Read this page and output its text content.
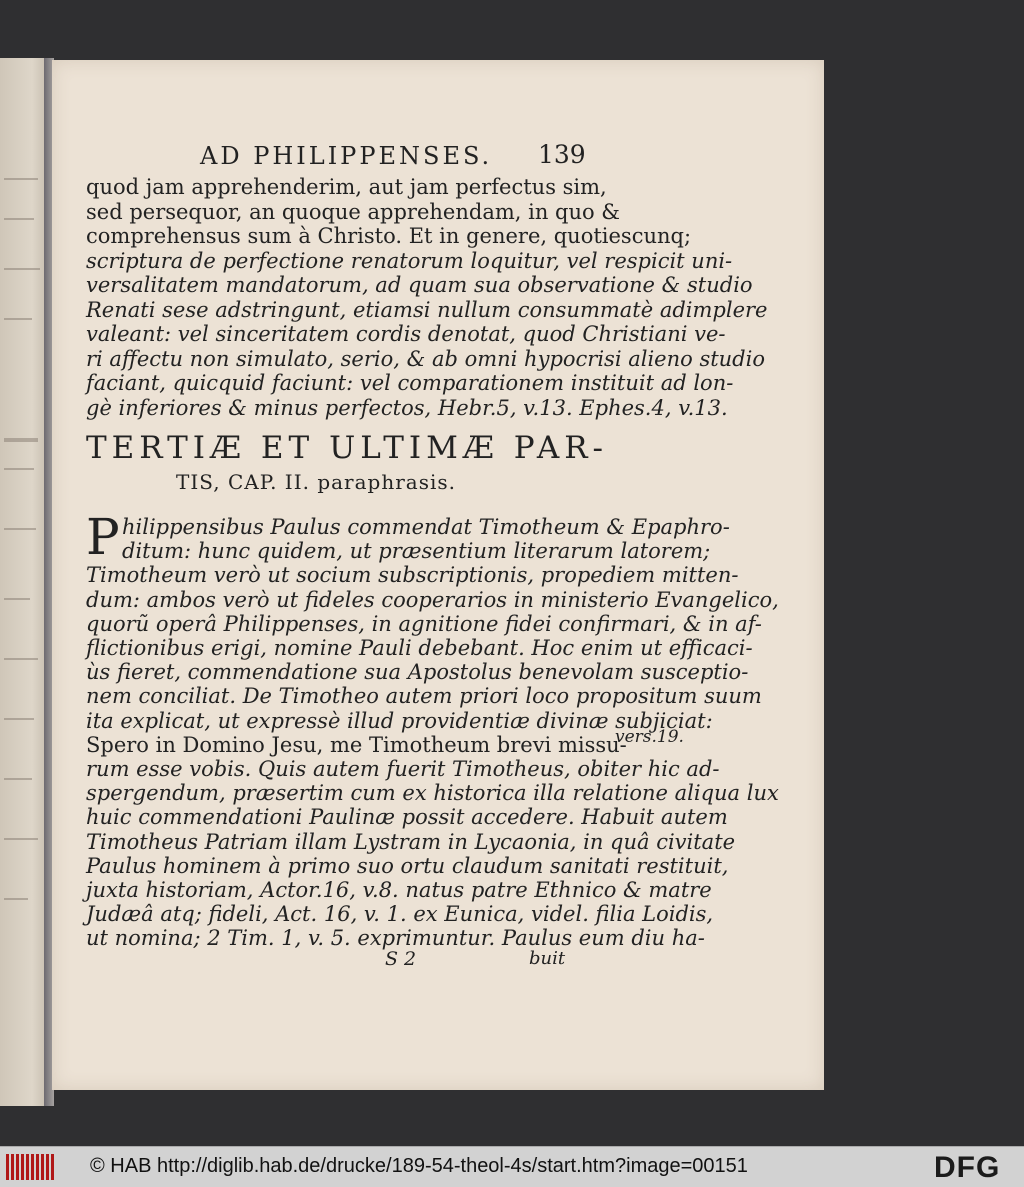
AD PHILIPPENSES. 139
quod jam apprehenderim, aut jam perfectus sim,
sed persequor, an quoque apprehendam, in quo &
comprehensus sum à Christo. Et in genere, quotiescunq;
scriptura de perfectione renatorum loquitur, vel respicit uni-
versalitatem mandatorum, ad quam sua observatione & studio
Renati sese adstringunt, etiamsi nullum consummatè adimplere
valeant: vel sinceritatem cordis denotat, quod Christiani ve-
ri affectu non simulato, serio, & ab omni hypocrisi alieno studio
faciant, quicquid faciunt: vel comparationem instituit ad lon-
gè inferiores & minus perfectos, Hebr.5, v.13. Ephes.4, v.13.
TERTIÆ ET ULTIMÆ PAR-
TIS, CAP. II. paraphrasis.
P hilippensibus Paulus commendat Timotheum & Epaphro-
ditum: hunc quidem, ut præsentium literarum latorem;
Timotheum verò ut socium subscriptionis, propediem mitten-
dum: ambos verò ut fideles cooperarios in ministerio Evangelico,
quorũ operâ Philippenses, in agnitione fidei confirmari, & in af-
flictionibus erigi, nomine Pauli debebant. Hoc enim ut efficaci-
ùs fieret, commendatione sua Apostolus benevolam susceptio-
nem conciliat. De Timotheo autem priori loco propositum suum
ita explicat, ut expressè illud providentiæ divinæ subjiciat:
Spero in Domino Jesu, me Timotheum brevi missu-
rum esse vobis. Quis autem fuerit Timotheus, obiter hic ad-
spergendum, præsertim cum ex historica illa relatione aliqua lux
huic commendationi Paulinæ possit accedere. Habuit autem
Timotheus Patriam illam Lystram in Lycaonia, in quâ civitate
Paulus hominem à primo suo ortu claudum sanitati restituit,
juxta historiam, Actor.16, v.8. natus patre Ethnico & matre
Judæâ atq; fideli, Act. 16, v. 1. ex Eunica, videl. filia Loidis,
ut nomina; 2 Tim. 1, v. 5. exprimuntur. Paulus eum diu ha-
vers.19.
S 2	buit
© HAB http://diglib.hab.de/drucke/189-54-theol-4s/start.htm?image=00151	DFG
